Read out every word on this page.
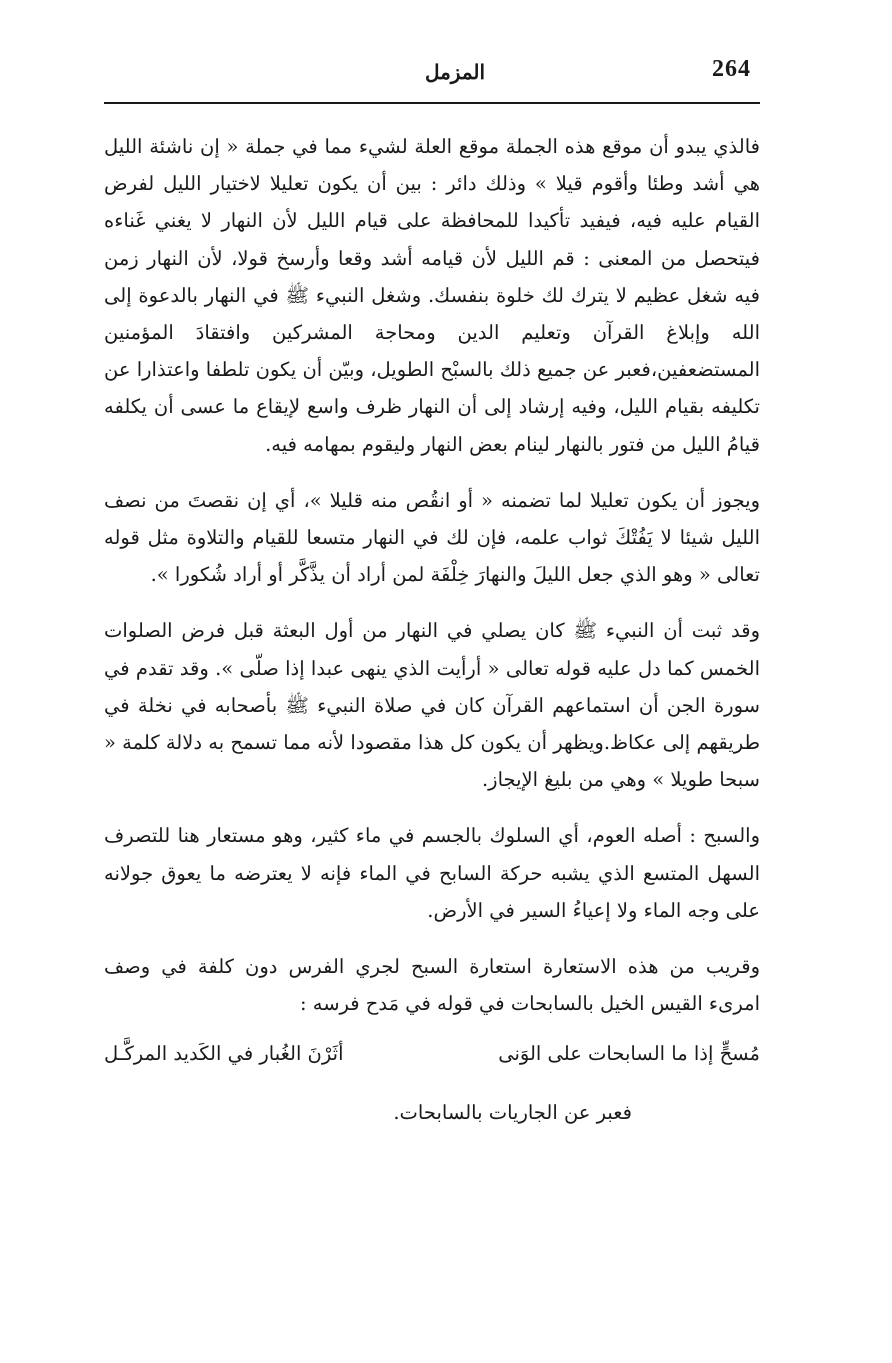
264
المزمل

فالذي يبدو أن موقع هذه الجملة موقع العلة لشيء مما في جملة « إن ناشئة الليل هي أشد وطئا وأقوم قيلا » وذلك دائر : بين أن يكون تعليلا لاختيار الليل لفرض القيام عليه فيه، فيفيد تأكيدا للمحافظة على قيام الليل لأن النهار لا يغني غَناءه فيتحصل من المعنى : قم الليل لأن قيامه أشد وقعا وأرسخ قولا، لأن النهار زمن فيه شغل عظيم لا يترك لك خلوة بنفسك. وشغل النبيء ﷺ في النهار بالدعوة إلى الله وإبلاغ القرآن وتعليم الدين ومحاجة المشركين وافتقادَ المؤمنين المستضعفين،فعبر عن جميع ذلك بالسبْح الطويل، وبيّن أن يكون تلطفا واعتذارا عن تكليفه بقيام الليل، وفيه إرشاد إلى أن النهار ظرف واسع لإيقاع ما عسى أن يكلفه قيامُ الليل من فتور بالنهار لينام بعض النهار وليقوم بمهامه فيه.

ويجوز أن يكون تعليلا لما تضمنه « أو انقُص منه قليلا »، أي إن نقصتَ من نصف الليل شيئا لا يَفُتْكَ ثواب علمه، فإن لك في النهار متسعا للقيام والتلاوة مثل قوله تعالى « وهو الذي جعل الليلَ والنهارَ خِلْفَة لمن أراد أن يذَّكَّر أو أراد شُكورا ».

وقد ثبت أن النبيء ﷺ كان يصلي في النهار من أول البعثة قبل فرض الصلوات الخمس كما دل عليه قوله تعالى « أرأيت الذي ينهى عبدا إذا صلّى ». وقد تقدم في سورة الجن أن استماعهم القرآن كان في صلاة النبيء ﷺ بأصحابه في نخلة في طريقهم إلى عكاظ.ويظهر أن يكون كل هذا مقصودا لأنه مما تسمح به دلالة كلمة « سبحا طويلا » وهي من بليغ الإيجاز.

والسبح : أصله العوم، أي السلوك بالجسم في ماء كثير، وهو مستعار هنا للتصرف السهل المتسع الذي يشبه حركة السابح في الماء فإنه لا يعترضه ما يعوق جولانه على وجه الماء ولا إعياءُ السير في الأرض.

وقريب من هذه الاستعارة استعارة السبح لجري الفرس دون كلفة في وصف امرىء القيس الخيل بالسابحات في قوله في مَدح فرسه :

مُسحٍّ إذا ما السابحات على الوَنى
أثَرْنَ الغُبار في الكَديد المركَّـل

فعبر عن الجاريات بالسابحات.
